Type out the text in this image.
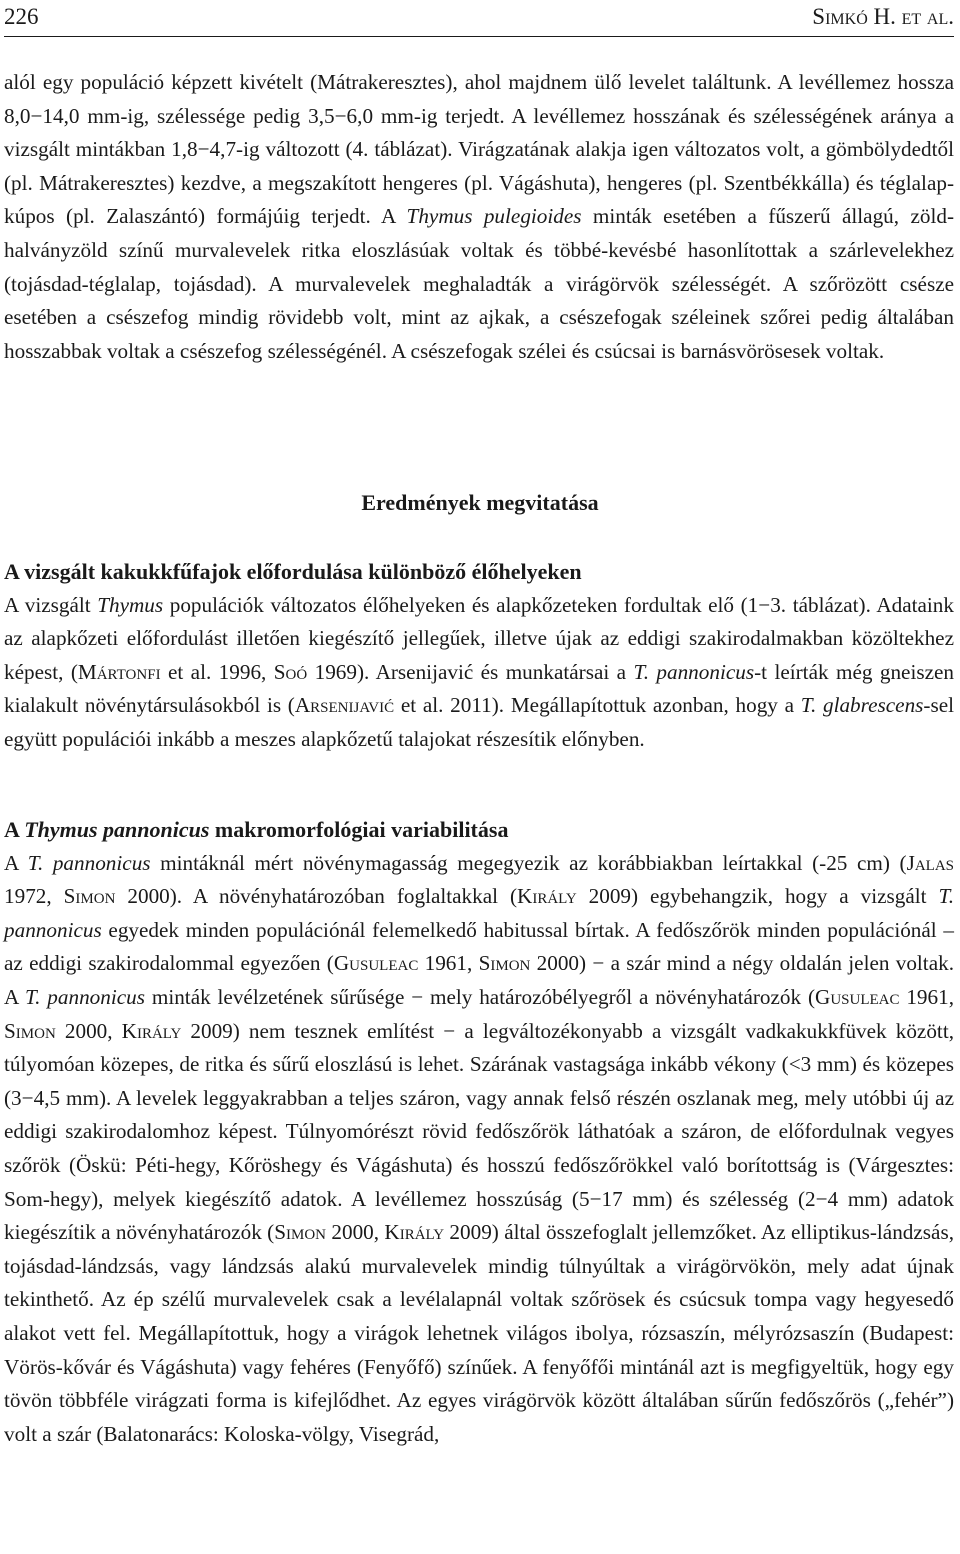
226	Simkó H. et al.

alól egy populáció képzett kivételt (Mátrakeresztes), ahol majdnem ülő levelet találtunk. A levéllemez hossza 8,0−14,0 mm-ig, szélessége pedig 3,5−6,0 mm-ig terjedt. A levéllemez hosszának és szélességének aránya a vizsgált mintákban 1,8−4,7-ig változott (4. táblázat). Virágzatának alakja igen változatos volt, a gömbölydedtől (pl. Mátrakeresztes) kezdve, a megszakított hengeres (pl. Vágáshuta), hengeres (pl. Szentbékkálla) és téglalap-kúpos (pl. Zalaszántó) formájúig terjedt. A Thymus pulegioides minták esetében a fűszerű állagú, zöld-halványzöld színű murvalevelek ritka eloszlásúak voltak és többé-kevésbé hasonlítottak a szárlevelekhez (tojásdad-téglalap, tojásdad). A murvalevelek meghaladták a virágörvök szélességét. A szőrözött csésze esetében a csészefog mindig rövidebb volt, mint az ajkak, a csészefogak széleinek szőrei pedig általában hosszabbak voltak a csészefog szélességénél. A csészefogak szélei és csúcsai is barnásvörösesek voltak.

Eredmények megvitatása

A vizsgált kakukkfűfajok előfordulása különböző élőhelyeken

A vizsgált Thymus populációk változatos élőhelyeken és alapkőzeteken fordultak elő (1−3. táblázat). Adataink az alapkőzeti előfordulást illetően kiegészítő jellegűek, illetve újak az eddigi szakirodalmakban közöltekhez képest, (Mártonfi et al. 1996, Soó 1969). Arsenijavić és munkatársai a T. pannonicus-t leírták még gneiszen kialakult növénytársulásokból is (Arsenijavić et al. 2011). Megállapítottuk azonban, hogy a T. glabrescens-sel együtt populációi inkább a meszes alapkőzetű talajokat részesítik előnyben.

A Thymus pannonicus makromorfológiai variabilitása

A T. pannonicus mintáknál mért növénymagasság megegyezik az korábbiakban leírtakkal (-25 cm) (Jalas 1972, Simon 2000). A növényhatározóban foglaltakkal (Király 2009) egybehangzik, hogy a vizsgált T. pannonicus egyedek minden populációnál felemelkedő habitussal bírtak. A fedőszőrök minden populációnál – az eddigi szakirodalommal egyezően (Gusuleac 1961, Simon 2000) − a szár mind a négy oldalán jelen voltak. A T. pannonicus minták levélzetének sűrűsége − mely határozóbélyegről a növényhatározók (Gusuleac 1961, Simon 2000, Király 2009) nem tesznek említést − a legváltozékonyabb a vizsgált vadkakukkfüvek között, túlyomóan közepes, de ritka és sűrű eloszlású is lehet. Szárának vastagsága inkább vékony (<3 mm) és közepes (3−4,5 mm). A levelek leggyakrabban a teljes száron, vagy annak felső részén oszlanak meg, mely utóbbi új az eddigi szakirodalomhoz képest. Túlnyomórészt rövid fedőszőrök láthatóak a száron, de előfordulnak vegyes szőrök (Öskü: Péti-hegy, Kőröshegy és Vágáshuta) és hosszú fedőszőrökkel való borítottság is (Várgesztes: Som-hegy), melyek kiegészítő adatok. A levéllemez hosszúság (5−17 mm) és szélesség (2−4 mm) adatok kiegészítik a növényhatározók (Simon 2000, Király 2009) által összefoglalt jellemzőket. Az elliptikus-lándzsás, tojásdad-lándzsás, vagy lándzsás alakú murvalevelek mindig túlnyúltak a virágörvökön, mely adat újnak tekinthető. Az ép szélű murvalevelek csak a levélalapnál voltak szőrösek és csúcsuk tompa vagy hegyesedő alakot vett fel. Megállapítottuk, hogy a virágok lehetnek világos ibolya, rózsaszín, mélyrózsaszín (Budapest: Vörös-kővár és Vágáshuta) vagy fehéres (Fenyőfő) színűek. A fenyőfői mintánál azt is megfigyeltük, hogy egy tövön többféle virágzati forma is kifejlődhet. Az egyes virágörvök között általában sűrűn fedőszőrös („fehér”) volt a szár (Balatonarács: Koloska-völgy, Visegrád,
